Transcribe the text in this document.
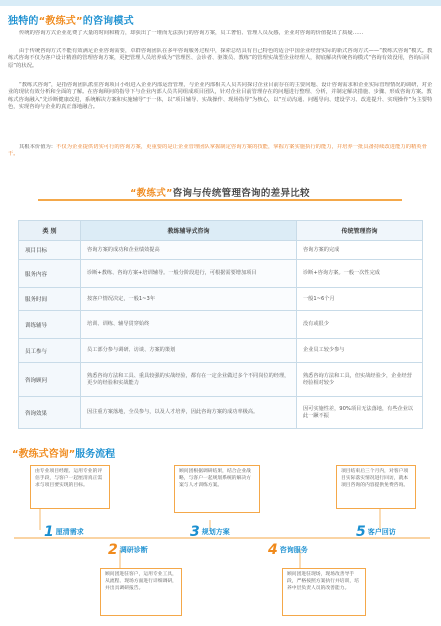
独特的“教练式”的咨询模式
传统的咨询方式企业花费了大量的时间和精力，却获出了一堆而无法执行的咨询方案，员工奢怕、管理人员反感，企业对咨询的价值提出了质疑……
由于传统咨询方式不能有效满足企业咨询需要，卓群咨询团队在多年咨询服务过程中，探索总结具有自己特色的适合中国企业经营实际的新式咨询方式——“教练式咨询”模式。教练式咨询不仅为客户设计精准的管理咨询方案，更把管理人员培养成为“管理医、会诊者、驱策员、教练”的管理实战型企业经理人，彻底解决传统咨询模式“咨询有效没用，咨询后回原”的状况。
“教练式咨询”，是指咨询团队派驻咨询项目小组进入企业内部运营管理，与企业内部相关人员共同探讨企业目前存在的主要问题、设计咨询需求和企业实际管理情况的调研，对企业的现状有效分析和全面的了解。在咨询顾问的指导下与企业内部人员共同组成项目团队，针对企业目前管理存在的问题进行整理、分析，并制定解决措施、步骤、形成咨询方案。教练式咨询融入“先诊断健康改进，系统解决方案和实施辅导”于一体，以“项目辅导、实战操作、现场指导”为核心，以“互动沟通、问题导向、建设学习、改进提升、实现操作”为主要特色，实现咨询与企业的真正落地融合。
其根本价值为：不仅为企业提供切实可行的咨询方案，更重要的是让企业管理团队掌握制定咨询方案的技能，掌握方案实施执行的能力，并培养一批具备持续改进能力的精英骨干。
“教练式”咨询与传统管理咨询的差异比较
类 别	教练辅导式咨询	传统管理咨询
项目目标	咨询方案的成功和企业绩效提高	咨询方案的完成
服务内容	诊断+教练、咨询方案+培训辅导。一般分阶段进行，可根据需要增加项目	诊断+咨询方案。一般一次性完成
服务时间	按客户情况决定，一般1~3年	一般1~6个月
训练辅导	培训、训练、辅导贯穿始终	没有或很少
员工参与	员工部分参与调研、访谈、方案的策划	企业员工较少参与
咨询顾问	熟悉咨询方法和工具、重具较强的实战经验，都有在一定企业做过多个不同岗位的经理，更少的经验和实战能力	熟悉咨询方法和工具，但实战经验少，企业经营经验相对较少
咨询效果	因注重方案落地，全员参与，以及人才培养，因此咨询方案的成功率极高。	因可实施性差，90%项目无法落地，有些企业以此一蹶不振
“教练式咨询”服务流程
由专业项目经理、运用专业的评估手段，与客户一起厘清真正需求与项目要实现的目标。
1 厘清需求
2 调研诊断
顾问团进驻客户，运用专业工具，从流程、现场方面进行详细调研，并出具调研报告。
顾问团根据调研结果，结合企业战略，与客户一起规划系统的解决方案与人才训练方案。
3 规划方案
4 咨询服务
顾问团进驻现场，现场改善导手段，严格按照方案执行并培训，培养中层负责人员的改善能力。
项目结束后三个月内，对客户项目实际落实情况进行回访，就本项目咨询的内容提供免费咨询。
5 客户回访
